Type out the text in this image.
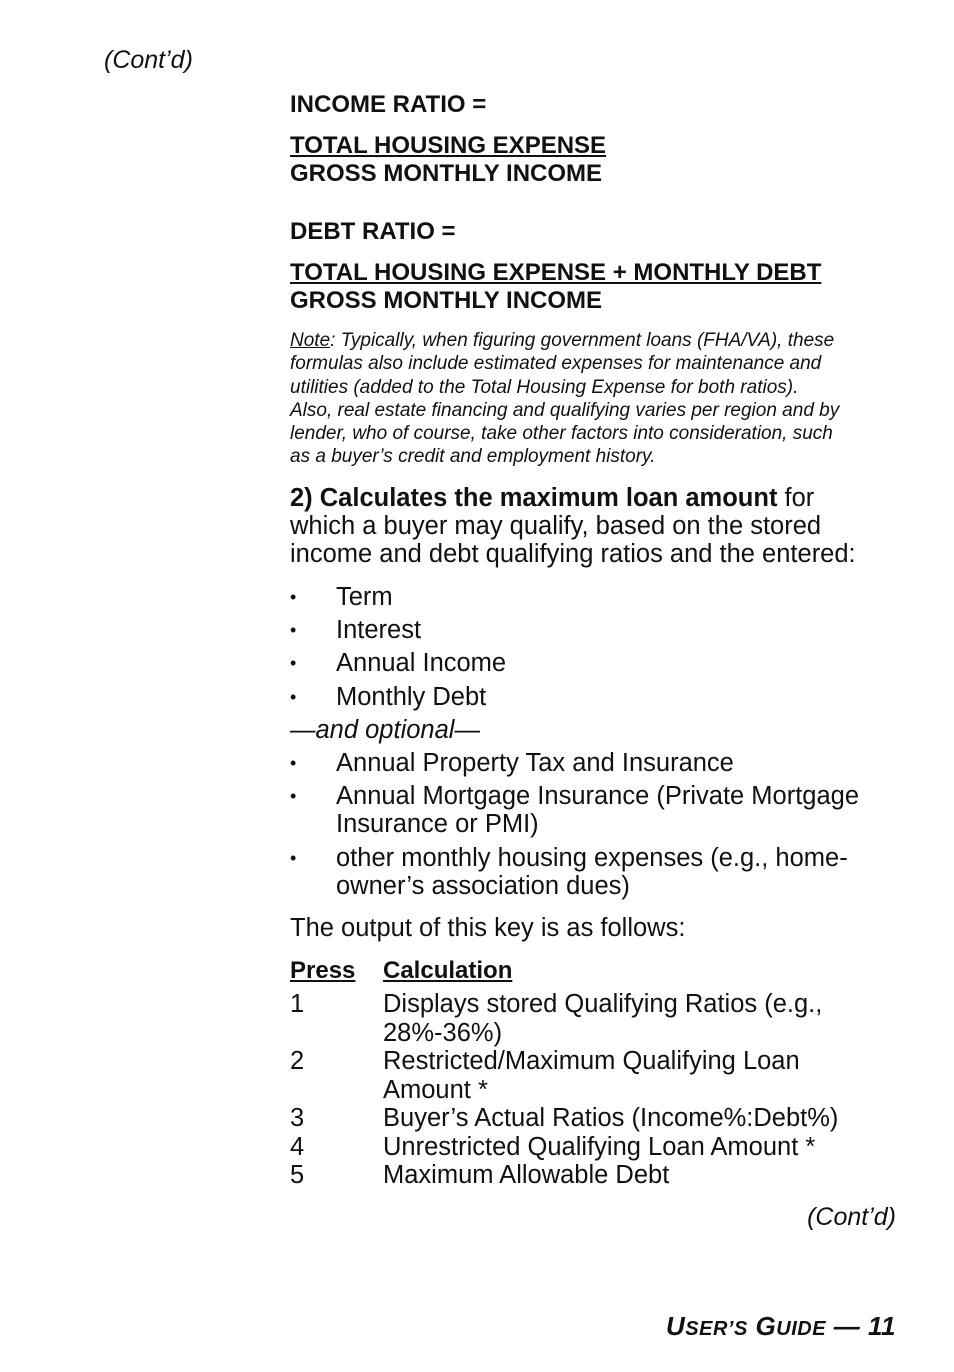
(Cont’d)
INCOME RATIO =
TOTAL HOUSING EXPENSE
GROSS MONTHLY INCOME
DEBT RATIO =
TOTAL HOUSING EXPENSE + MONTHLY DEBT
GROSS MONTHLY INCOME
Note: Typically, when figuring government loans (FHA/VA), these
formulas also include estimated expenses for maintenance and
utilities (added to the Total Housing Expense for both ratios).
Also, real estate financing and qualifying varies per region and by
lender, who of course, take other factors into consideration, such
as a buyer’s credit and employment history.
2) Calculates the maximum loan amount for
which a buyer may qualify, based on the stored
income and debt qualifying ratios and the entered:
•	Term
•	Interest
•	Annual Income
•	Monthly Debt
—and optional—
•	Annual Property Tax and Insurance
•	Annual Mortgage Insurance (Private Mortgage
Insurance or PMI)
•	other monthly housing expenses (e.g., home-
owner’s association dues)
The output of this key is as follows:
Press Calculation
1	Displays stored Qualifying Ratios (e.g.,
28%-36%)
2	Restricted/Maximum Qualifying Loan
Amount *
3	Buyer’s Actual Ratios (Income%:Debt%)
4	Unrestricted Qualifying Loan Amount *
5	Maximum Allowable Debt
(Cont’d)
USER’S GUIDE — 11
